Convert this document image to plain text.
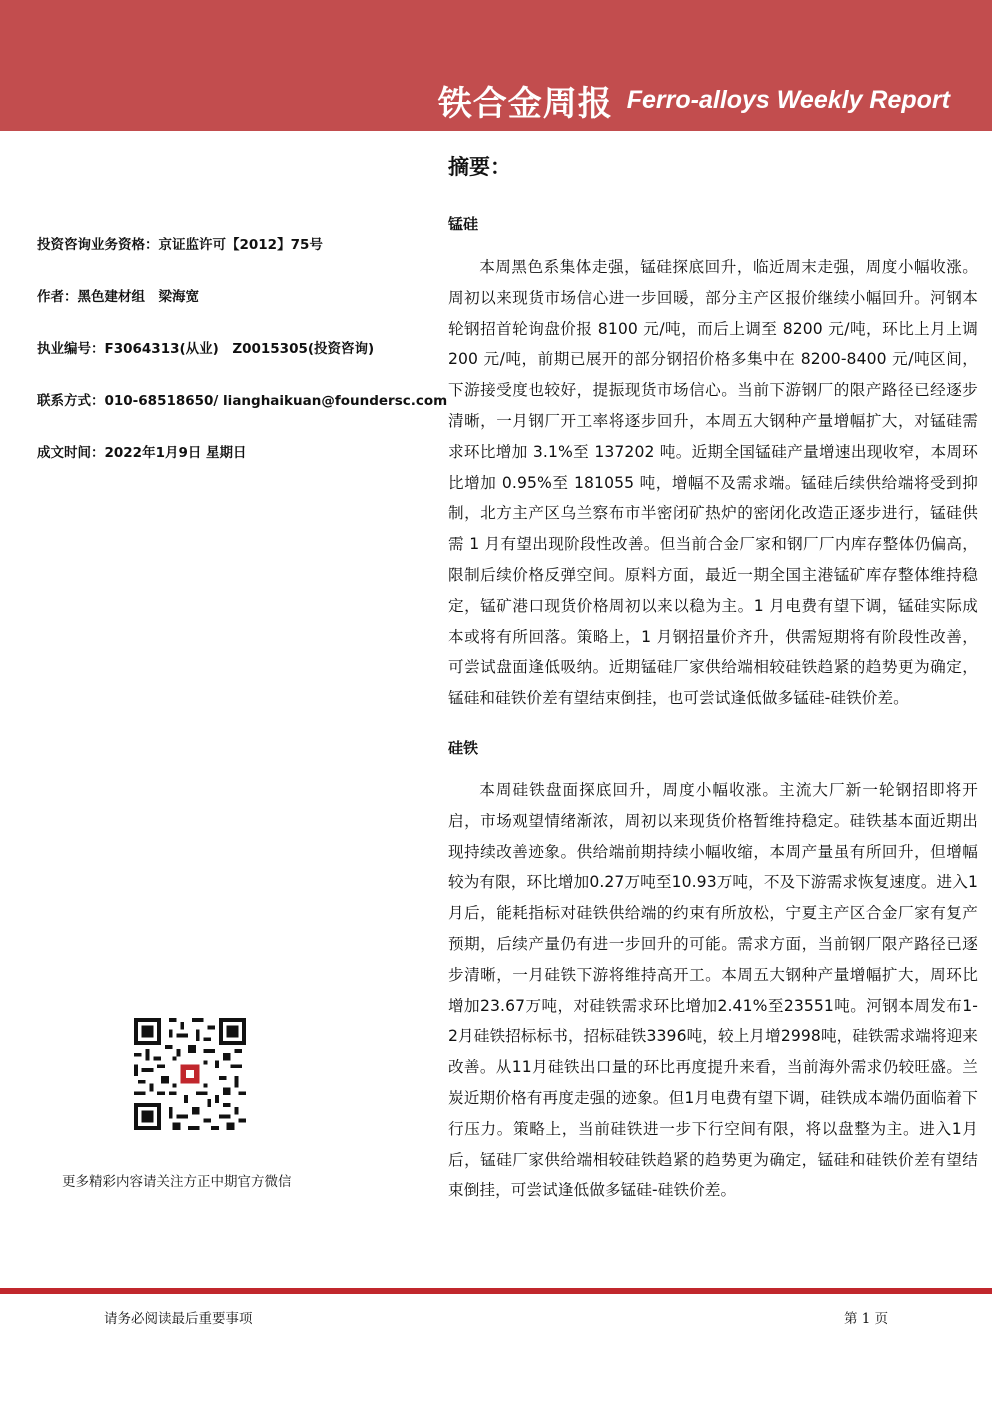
铁合金周报 Ferro-alloys Weekly Report
投资咨询业务资格：京证监许可【2012】75号
作者：黑色建材组　梁海宽
执业编号：F3064313(从业)　Z0015305(投资咨询)
联系方式：010-68518650/ lianghaikuan@foundersc.com
成文时间：2022年1月9日 星期日
更多精彩内容请关注方正中期官方微信
摘要：
锰硅

本周黑色系集体走强，锰硅探底回升，临近周末走强，周度小幅收涨。周初以来现货市场信心进一步回暖，部分主产区报价继续小幅回升。河钢本轮钢招首轮询盘价报 8100 元/吨，而后上调至 8200 元/吨，环比上月上调 200 元/吨，前期已展开的部分钢招价格多集中在 8200-8400 元/吨区间，下游接受度也较好，提振现货市场信心。当前下游钢厂的限产路径已经逐步清晰，一月钢厂开工率将逐步回升，本周五大钢种产量增幅扩大，对锰硅需求环比增加 3.1%至 137202 吨。近期全国锰硅产量增速出现收窄，本周环比增加 0.95%至 181055 吨，增幅不及需求端。锰硅后续供给端将受到抑制，北方主产区乌兰察布市半密闭矿热炉的密闭化改造正逐步进行，锰硅供需 1 月有望出现阶段性改善。但当前合金厂家和钢厂厂内库存整体仍偏高，限制后续价格反弹空间。原料方面，最近一期全国主港锰矿库存整体维持稳定，锰矿港口现货价格周初以来以稳为主。1 月电费有望下调，锰硅实际成本或将有所回落。策略上，1 月钢招量价齐升，供需短期将有阶段性改善，可尝试盘面逢低吸纳。近期锰硅厂家供给端相较硅铁趋紧的趋势更为确定，锰硅和硅铁价差有望结束倒挂，也可尝试逢低做多锰硅-硅铁价差。

硅铁

本周硅铁盘面探底回升，周度小幅收涨。主流大厂新一轮钢招即将开启，市场观望情绪渐浓，周初以来现货价格暂维持稳定。硅铁基本面近期出现持续改善迹象。供给端前期持续小幅收缩，本周产量虽有所回升，但增幅较为有限，环比增加0.27万吨至10.93万吨，不及下游需求恢复速度。进入1月后，能耗指标对硅铁供给端的约束有所放松，宁夏主产区合金厂家有复产预期，后续产量仍有进一步回升的可能。需求方面，当前钢厂限产路径已逐步清晰，一月硅铁下游将维持高开工。本周五大钢种产量增幅扩大，周环比增加23.67万吨，对硅铁需求环比增加2.41%至23551吨。河钢本周发布1-2月硅铁招标标书，招标硅铁3396吨，较上月增2998吨，硅铁需求端将迎来改善。从11月硅铁出口量的环比再度提升来看，当前海外需求仍较旺盛。兰炭近期价格有再度走强的迹象。但1月电费有望下调，硅铁成本端仍面临着下行压力。策略上，当前硅铁进一步下行空间有限，将以盘整为主。进入1月后，锰硅厂家供给端相较硅铁趋紧的趋势更为确定，锰硅和硅铁价差有望结束倒挂，可尝试逢低做多锰硅-硅铁价差。

请务必阅读最后重要事项	第 1 页
